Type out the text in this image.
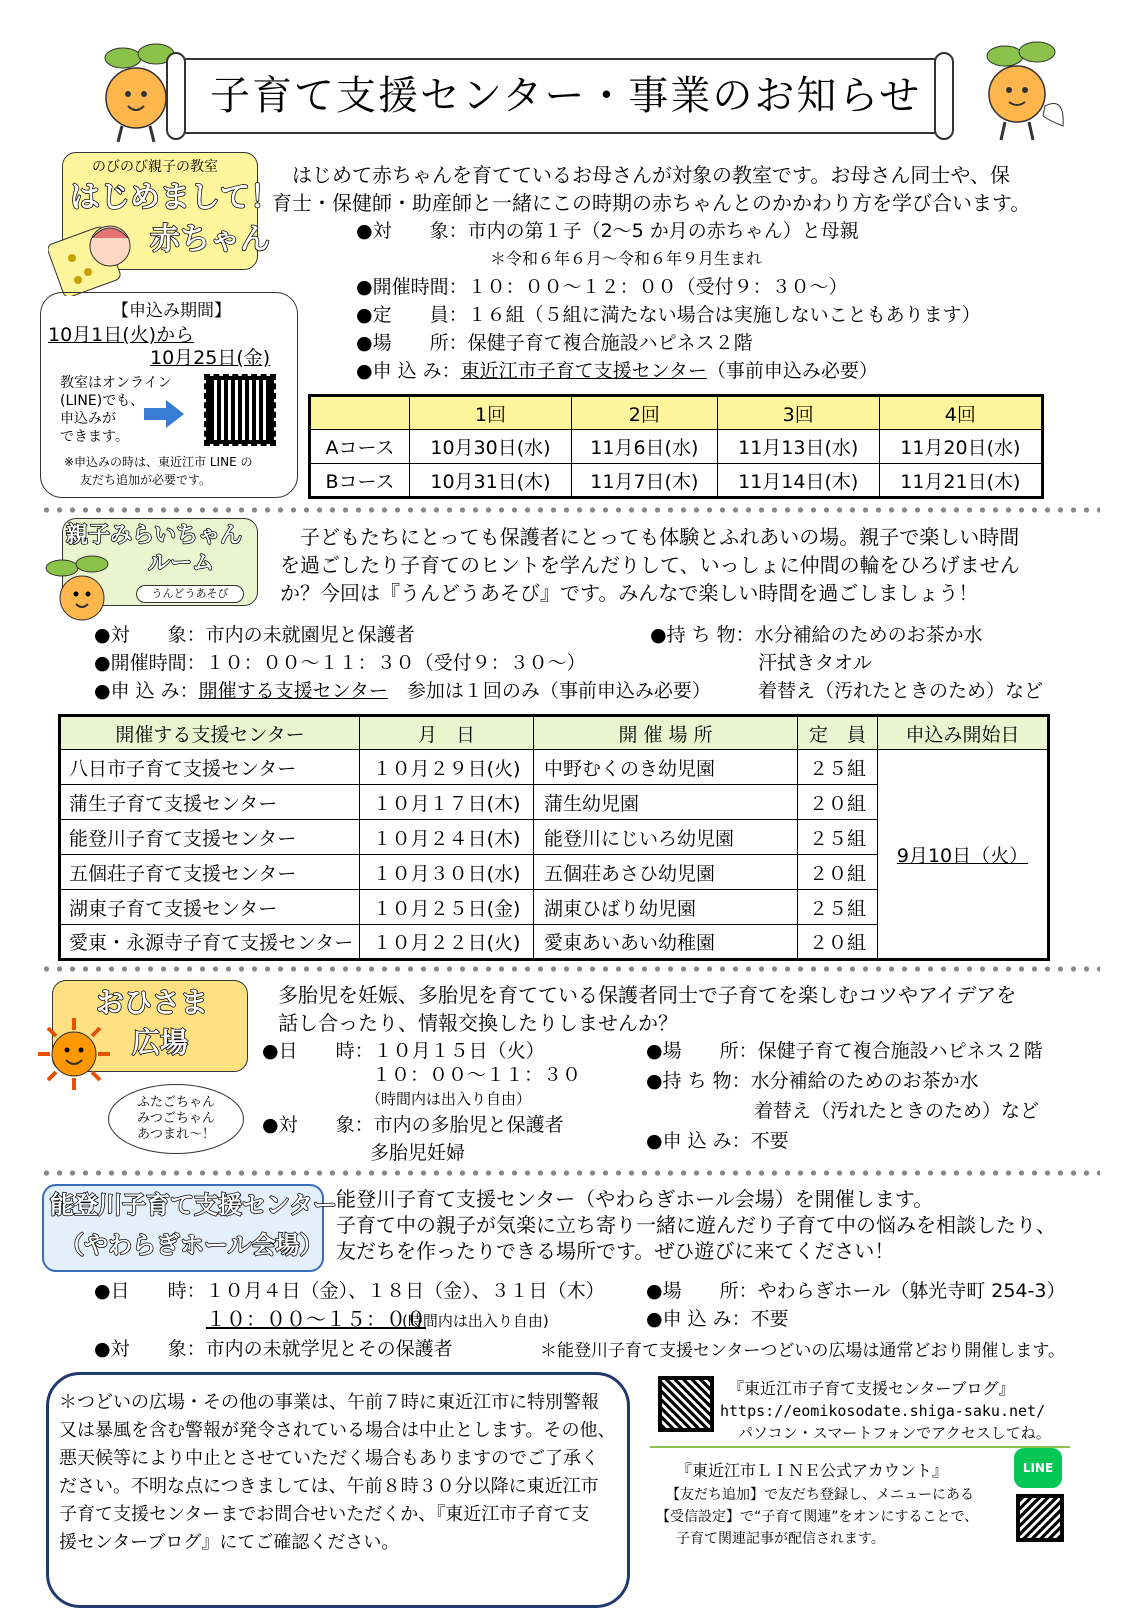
子育て支援センター・事業のお知らせ
のびのび親子の教室
はじめまして！
赤ちゃん
はじめて赤ちゃんを育てているお母さんが対象の教室です。お母さん同士や、保
育士・保健師・助産師と一緒にこの時期の赤ちゃんとのかかわり方を学び合います。
●対　　象：市内の第１子（2～5 か月の赤ちゃん）と母親
＊令和６年６月～令和６年９月生まれ
●開催時間：１０：００～１２：００（受付９：３０～）
●定　　員：１６組（５組に満たない場合は実施しないこともあります）
●場　　所：保健子育て複合施設ハピネス２階
●申 込 み：東近江市子育て支援センター（事前申込み必要）
【申込み期間】
10月1日(火)から
10月25日(金)
教室はオンライン
(LINE)でも、
申込みが
できます。
※申込みの時は、東近江市 LINE の
友だち追加が必要です。
	1回	2回	3回	4回
Aコース	10月30日(水)	11月6日(水)	11月13日(水)	11月20日(水)
Bコース	10月31日(木)	11月7日(木)	11月14日(木)	11月21日(木)
親子みらいちゃん
ルーム
うんどうあそび
子どもたちにとっても保護者にとっても体験とふれあいの場。親子で楽しい時間
を過ごしたり子育てのヒントを学んだりして、いっしょに仲間の輪をひろげません
か？今回は『うんどうあそび』です。みんなで楽しい時間を過ごしましょう！
●対　　象：市内の未就園児と保護者
●開催時間：１０：００～１１：３０（受付９：３０～）
●申 込 み：開催する支援センター　参加は１回のみ（事前申込み必要）
●持 ち 物：水分補給のためのお茶か水
汗拭きタオル
着替え（汚れたときのため）など
開催する支援センター	月　日	開 催 場 所	定　員	申込み開始日
八日市子育て支援センター	１０月２９日(火)	中野むくのき幼児園	２５組	9月10日（火）
蒲生子育て支援センター	１０月１７日(木)	蒲生幼児園	２０組	
能登川子育て支援センター	１０月２４日(木)	能登川にじいろ幼児園	２５組	
五個荘子育て支援センター	１０月３０日(水)	五個荘あさひ幼児園	２０組	
湖東子育て支援センター	１０月２５日(金)	湖東ひばり幼児園	２５組	
愛東・永源寺子育て支援センター	１０月２２日(火)	愛東あいあい幼稚園	２０組	
おひさま
広場
ふたごちゃん
みつごちゃん
あつまれ～！
多胎児を妊娠、多胎児を育てている保護者同士で子育てを楽しむコツやアイデアを
話し合ったり、情報交換したりしませんか？
●日　　時：１０月１５日（火）
１０：００～１１：３０
（時間内は出入り自由）
●対　　象：市内の多胎児と保護者
多胎児妊婦
●場　　所：保健子育て複合施設ハピネス２階
●持 ち 物：水分補給のためのお茶か水
着替え（汚れたときのため）など
●申 込 み：不要
能登川子育て支援センター
（やわらぎホール会場）
能登川子育て支援センター（やわらぎホール会場）を開催します。
子育て中の親子が気楽に立ち寄り一緒に遊んだり子育て中の悩みを相談したり、
友だちを作ったりできる場所です。ぜひ遊びに来てください！
●日　　時：１０月４日（金）、１８日（金）、３１日（木）
１０：００～１５：００
(時間内は出入り自由)
●対　　象：市内の未就学児とその保護者
●場　　所：やわらぎホール（躰光寺町 254-3）
●申 込 み：不要
＊能登川子育て支援センターつどいの広場は通常どおり開催します。
＊つどいの広場・その他の事業は、午前７時に東近江市に特別警報
又は暴風を含む警報が発令されている場合は中止とします。その他、
悪天候等により中止とさせていただく場合もありますのでご了承く
ださい。不明な点につきましては、午前８時３０分以降に東近江市
子育て支援センターまでお問合せいただくか、『東近江市子育て支
援センターブログ』にてご確認ください。
『東近江市子育て支援センターブログ』
https://eomikosodate.shiga-saku.net/
パソコン・スマートフォンでアクセスしてね。
『東近江市ＬＩＮＥ公式アカウント』
【友だち追加】で友だち登録し、メニューにある
【受信設定】で“子育て関連”をオンにすることで、
子育て関連記事が配信されます。
LINE
